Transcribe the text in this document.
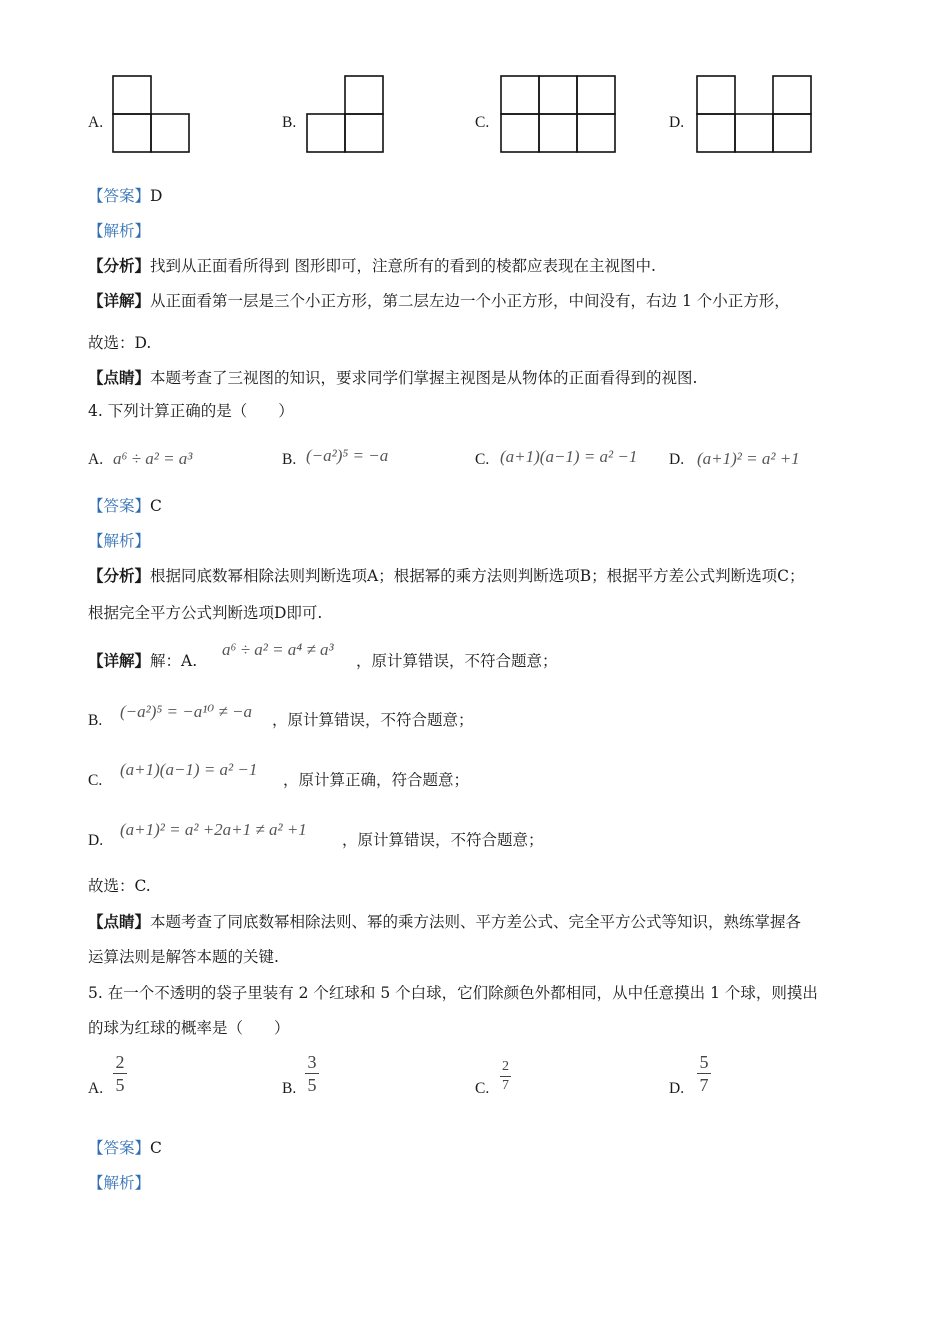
A.	B.	C.	D.
【答案】D
【解析】
【分析】找到从正面看所得到 图形即可，注意所有的看到的棱都应表现在主视图中.
【详解】从正面看第一层是三个小正方形，第二层左边一个小正方形，中间没有，右边 1 个小正方形，
故选：D.
【点睛】本题考查了三视图的知识，要求同学们掌握主视图是从物体的正面看得到的视图.
4. 下列计算正确的是（　　）
A. a⁶ ÷ a² = a³	B. (−a²)⁵ = −a	C. (a+1)(a−1) = a² −1 D. (a+1)² = a² +1
【答案】C
【解析】
【分析】根据同底数幂相除法则判断选项A；根据幂的乘方法则判断选项B；根据平方差公式判断选项C；
根据完全平方公式判断选项D即可.
【详解】解：A.
a⁶ ÷ a² = a⁴ ≠ a³
，原计算错误，不符合题意；
B. (−a²)⁵ = −a¹⁰ ≠ −a ，原计算错误，不符合题意；
C.
(a+1)(a−1) = a² −1
，原计算正确，符合题意；
D.
(a+1)² = a² +2a+1 ≠ a² +1
，原计算错误，不符合题意；
故选：C.
【点睛】本题考查了同底数幂相除法则、幂的乘方法则、平方差公式、完全平方公式等知识，熟练掌握各
运算法则是解答本题的关键.
5. 在一个不透明的袋子里装有 2 个红球和 5 个白球，它们除颜色外都相同，从中任意摸出 1 个球，则摸出
的球为红球的概率是（　　）
A.
2
5	B.
3
5	C.
2
7	D.
5
7
【答案】C
【解析】
